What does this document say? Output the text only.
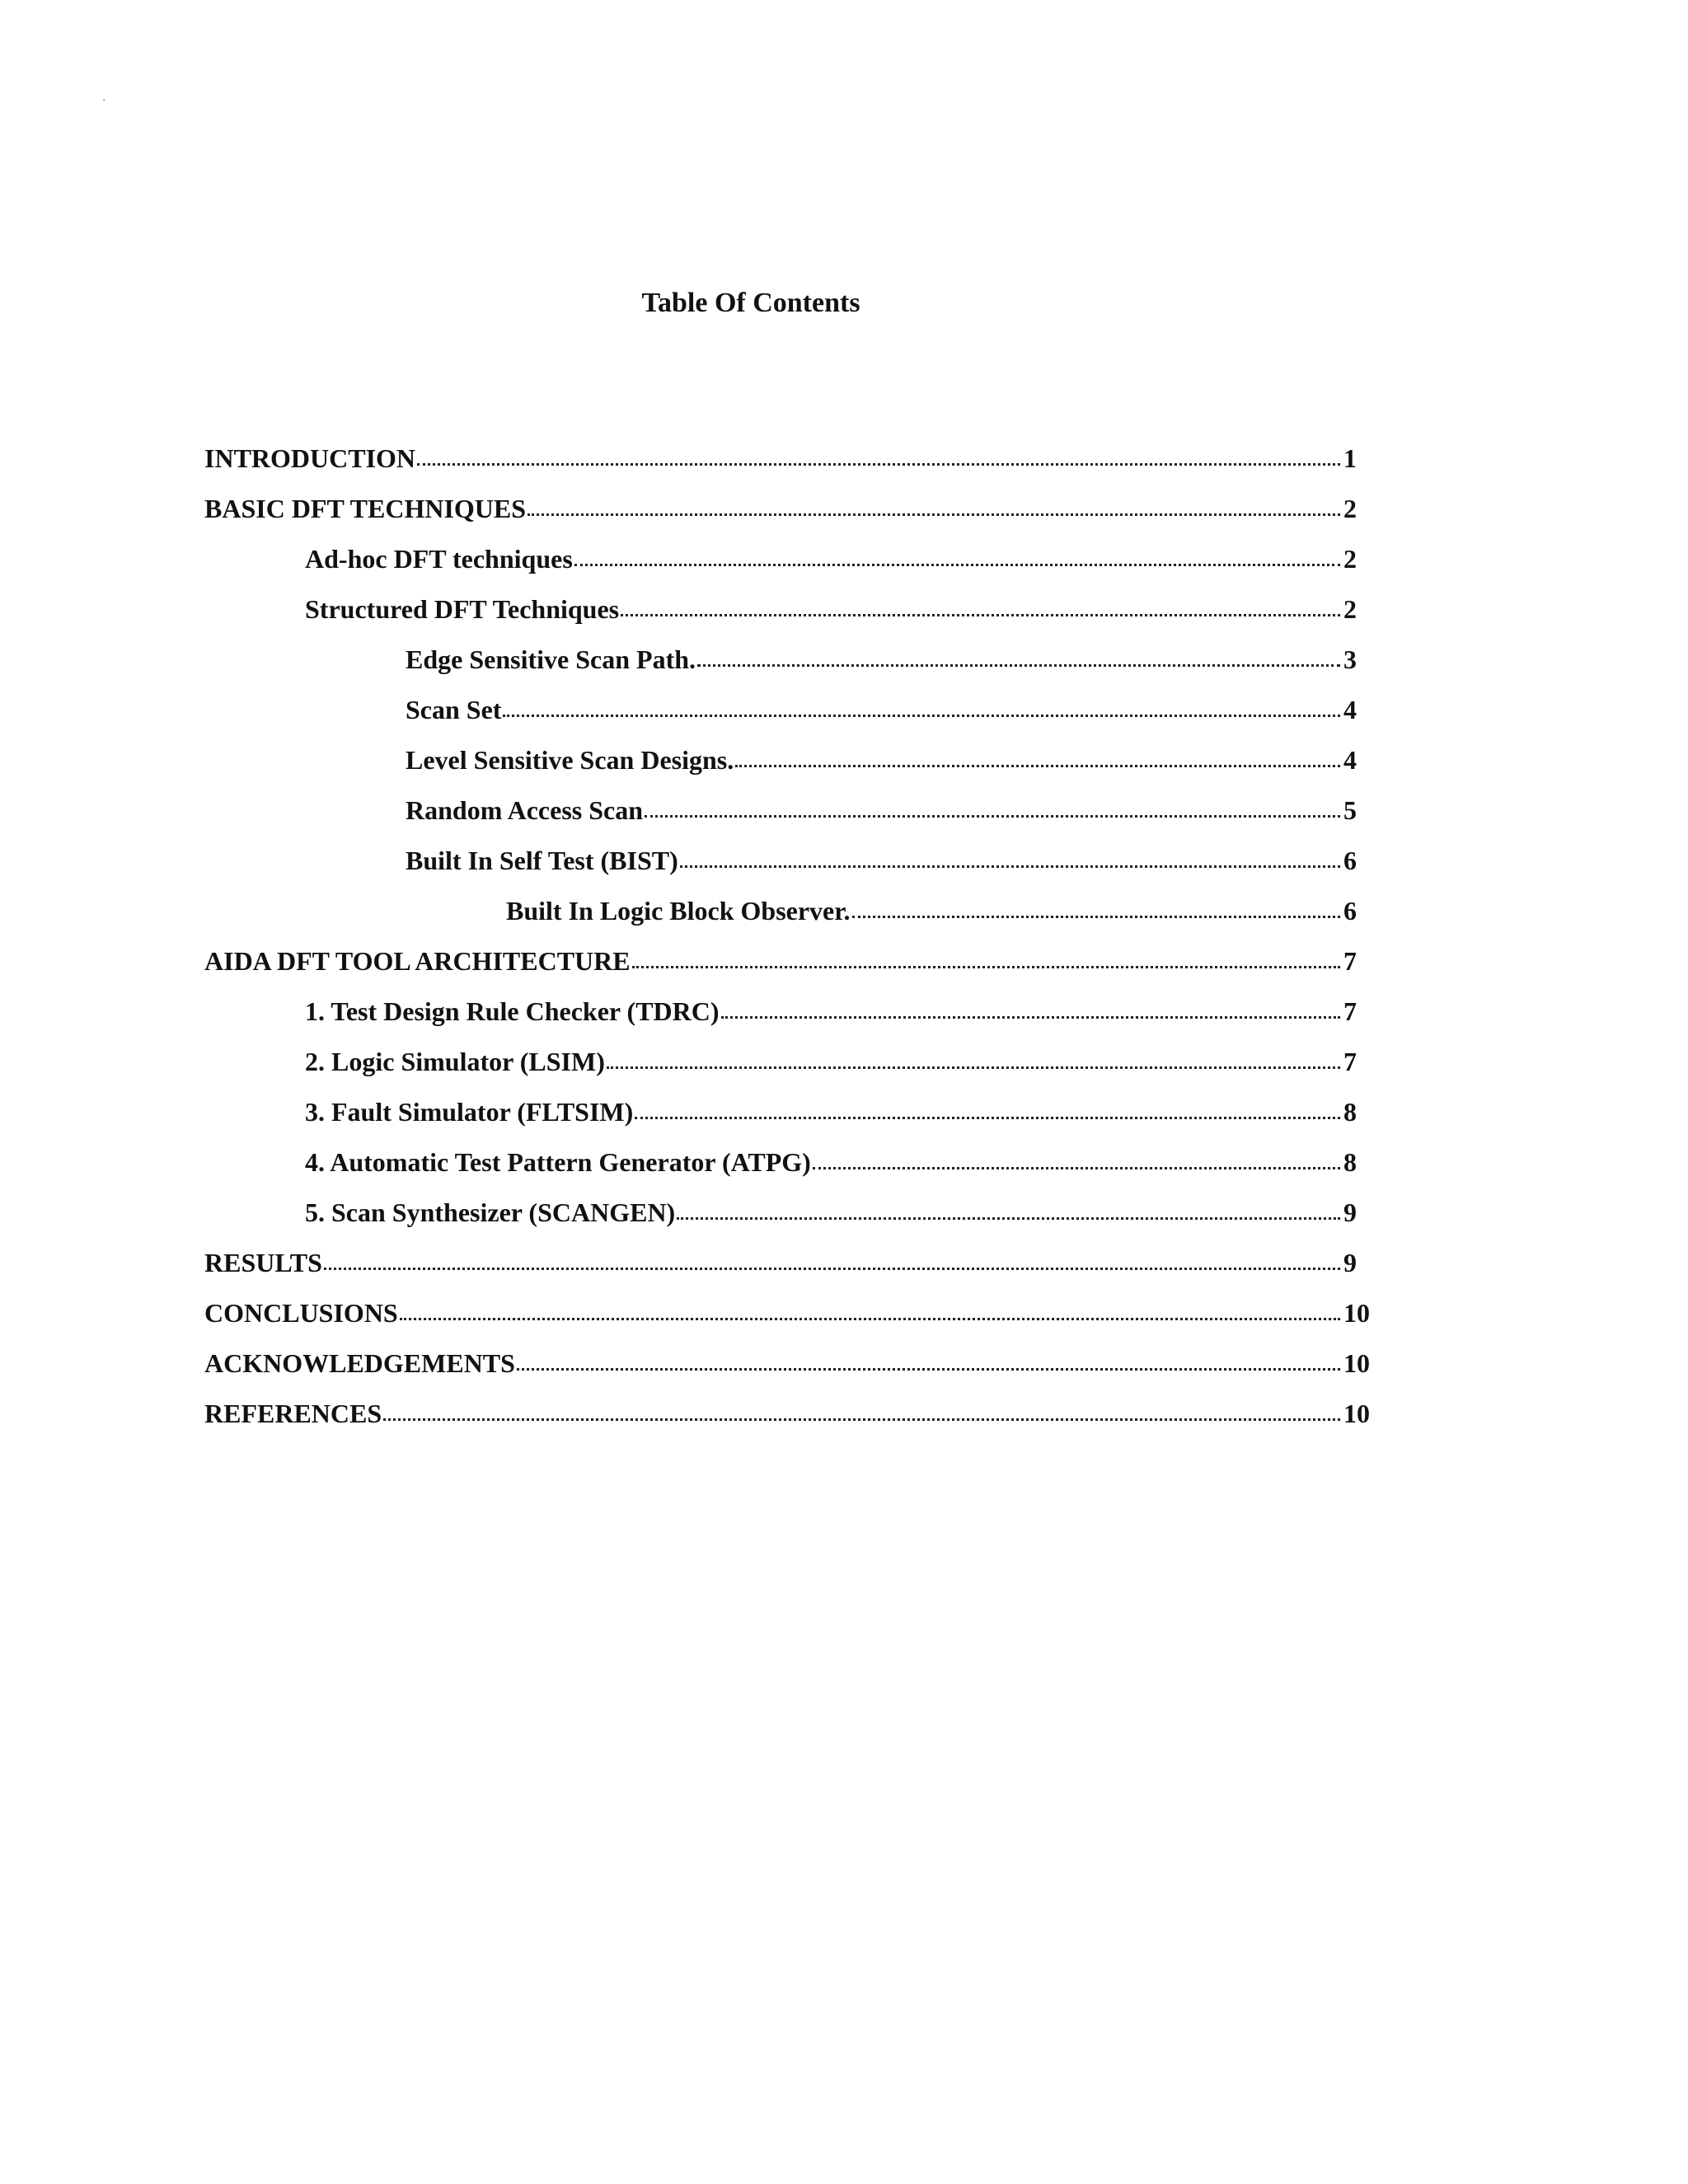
·
Table Of Contents
INTRODUCTION	1
BASIC DFT TECHNIQUES	2
Ad-hoc DFT techniques	2
Structured DFT Techniques	2
Edge Sensitive Scan Path.	3
Scan Set	4
Level Sensitive Scan Designs.	4
Random Access Scan	5
Built In Self Test (BIST)	6
Built In Logic Block Observer.	6
AIDA DFT TOOL ARCHITECTURE	7
1. Test Design Rule Checker (TDRC)	7
2. Logic Simulator (LSIM)	7
3. Fault Simulator (FLTSIM)	8
4. Automatic Test Pattern Generator (ATPG)	8
5. Scan Synthesizer (SCANGEN)	9
RESULTS	9
CONCLUSIONS	10
ACKNOWLEDGEMENTS	10
REFERENCES	10
